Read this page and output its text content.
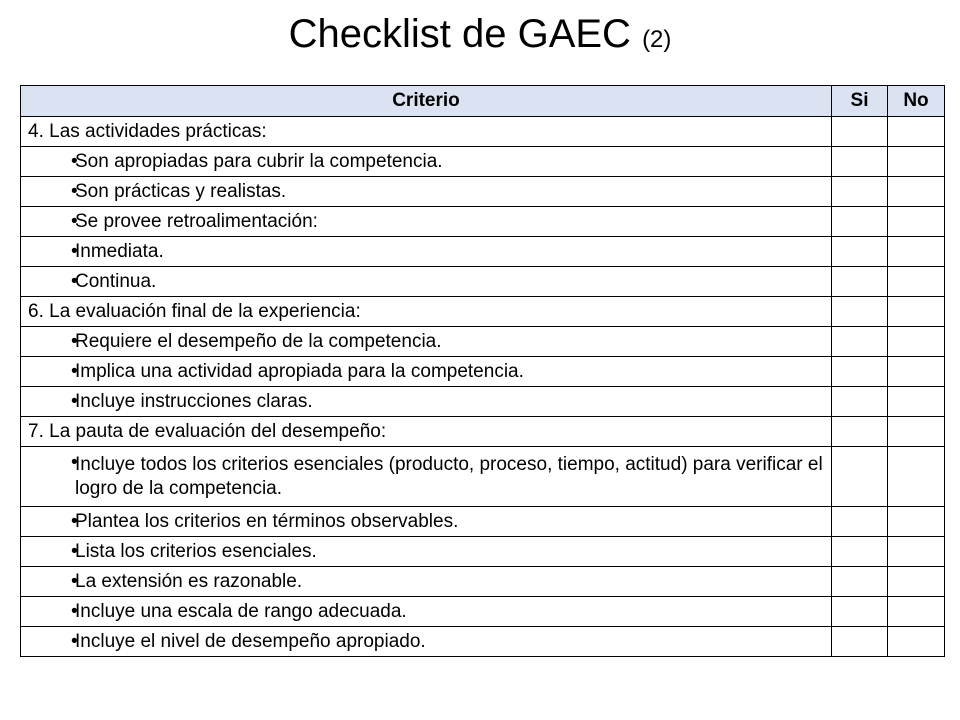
Checklist de GAEC (2)
Criterio	Si	No
4. Las actividades prácticas:		

• Son apropiadas para cubrir la competencia.

• Son prácticas y realistas.

• Se provee retroalimentación:

• Inmediata.

• Continua.

6. La evaluación final de la experiencia:		

• Requiere el desempeño de la competencia.

• Implica una actividad apropiada para la competencia.

• Incluye instrucciones claras.

7. La pauta de evaluación del desempeño:		

• Incluye todos los criterios esenciales (producto, proceso, tiempo, actitud) para verificar el logro de la competencia.

• Plantea los criterios en términos observables.

• Lista los criterios esenciales.

• La extensión es razonable.

• Incluye una escala de rango adecuada.

• Incluye el nivel de desempeño apropiado.
